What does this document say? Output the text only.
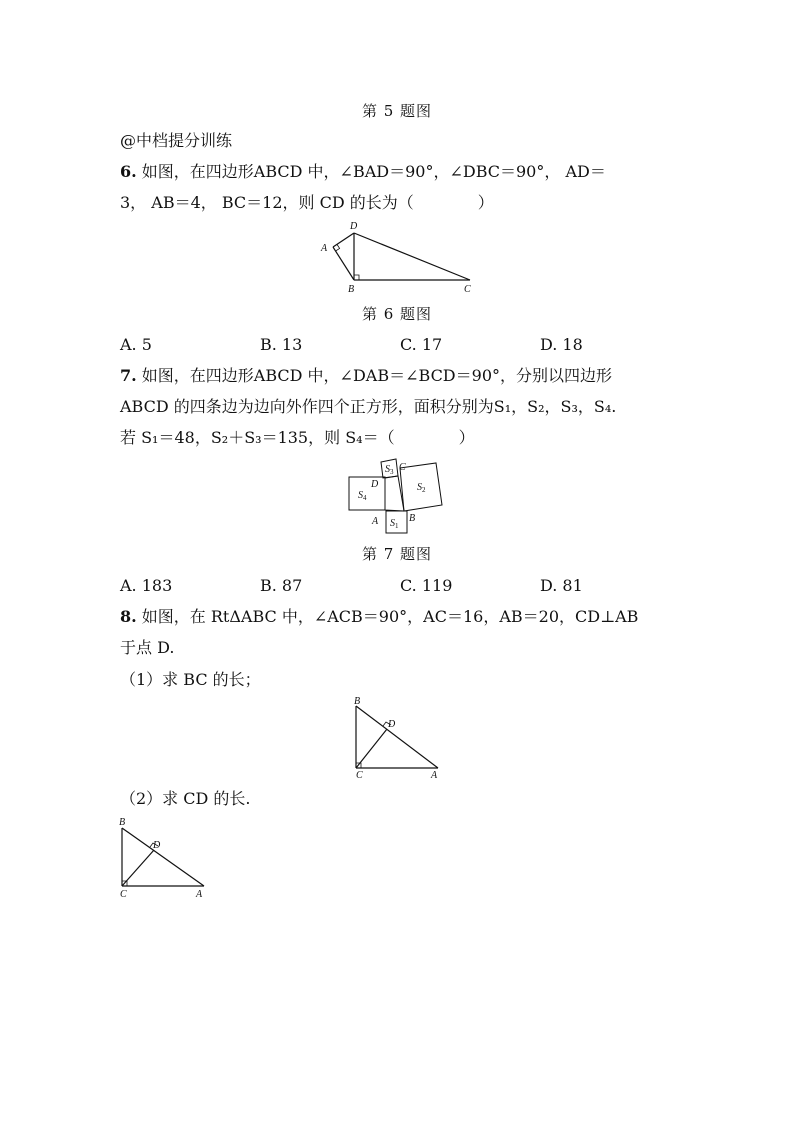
第 5 题图
@中档提分训练
6. 如图，在四边形ABCD 中，∠BAD＝90°，∠DBC＝90°， AD＝
3， AB＝4， BC＝12，则 CD 的长为（　　　　）
A
D
B	C
第 6 题图
A. 5	B. 13	C. 17	D. 18
7. 如图，在四边形ABCD 中，∠DAB＝∠BCD＝90°，分别以四边形
ABCD 的四条边为边向外作四个正方形，面积分别为S₁，S₂，S₃，S₄.
若 S₁＝48，S₂＋S₃＝135，则 S₄＝（　　　　）
$S_3$ C
D
$S_4$
$S_2$
A $S_1$
B
第 7 题图
A. 183	B. 87	C. 119	D. 81
8. 如图，在 RtΔABC 中，∠ACB＝90°，AC＝16，AB＝20，CD⊥AB
于点 D.
（1）求 BC 的长；
B
D
C	A
（2）求 CD 的长.
B
D
C	A
